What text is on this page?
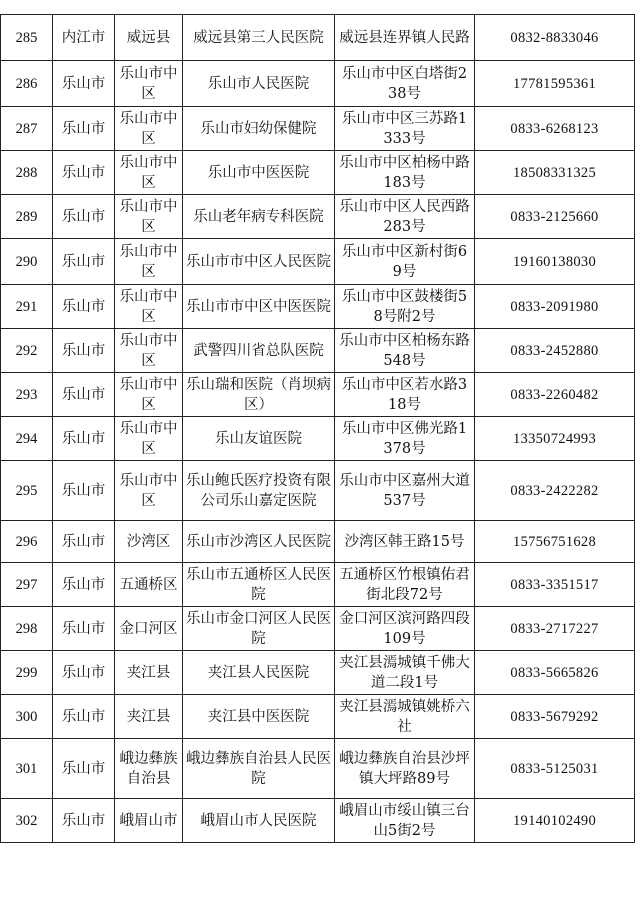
285	内江市	威远县	威远县第三人民医院	威远县连界镇人民路	0832-8833046
286	乐山市	乐山市中区	乐山市人民医院	乐山市中区白塔街238号	17781595361
287	乐山市	乐山市中区	乐山市妇幼保健院	乐山市中区三苏路1333号	0833-6268123
288	乐山市	乐山市中区	乐山市中医医院	乐山市中区柏杨中路183号	18508331325
289	乐山市	乐山市中区	乐山老年病专科医院	乐山市中区人民西路283号	0833-2125660
290	乐山市	乐山市中区	乐山市市中区人民医院	乐山市中区新村街69号	19160138030
291	乐山市	乐山市中区	乐山市市中区中医医院	乐山市中区鼓楼街58号附2号	0833-2091980
292	乐山市	乐山市中区	武警四川省总队医院	乐山市中区柏杨东路548号	0833-2452880
293	乐山市	乐山市中区	乐山瑞和医院（肖坝病区）	乐山市中区若水路318号	0833-2260482
294	乐山市	乐山市中区	乐山友谊医院	乐山市中区佛光路1378号	13350724993
295	乐山市	乐山市中区	乐山鲍氏医疗投资有限公司乐山嘉定医院	乐山市中区嘉州大道 537号	0833-2422282
296	乐山市	沙湾区	乐山市沙湾区人民医院	沙湾区韩王路15号	15756751628
297	乐山市	五通桥区	乐山市五通桥区人民医院	五通桥区竹根镇佑君街北段72号	0833-3351517
298	乐山市	金口河区	乐山市金口河区人民医院	金口河区滨河路四段109号	0833-2717227
299	乐山市	夹江县	夹江县人民医院	夹江县漹城镇千佛大道二段1号	0833-5665826
300	乐山市	夹江县	夹江县中医医院	夹江县漹城镇姚桥六社	0833-5679292
301	乐山市	峨边彝族自治县	峨边彝族自治县人民医院	峨边彝族自治县沙坪镇大坪路89号	0833-5125031
302	乐山市	峨眉山市	峨眉山市人民医院	峨眉山市绥山镇三台山5街2号	19140102490
